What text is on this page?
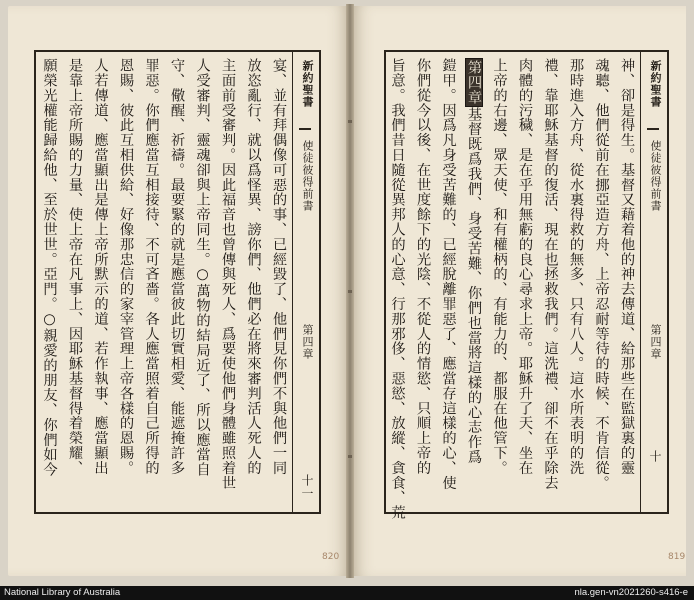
新約聖書
使徒彼得前書
第四章
十一
宴、並有拜偶像可惡的事、已經毀了、他們見你們不與他們一同
放恣亂行、就以爲怪異、謗你們、他們必在將來審判活人死人的
主面前受審判。因此福音也曾傳與死人、爲要使他們身體雖照着世
人受審判、靈魂卻與上帝同生。○萬物的結局近了、所以應當自
守、儆醒、祈禱。最要緊的就是應當彼此切實相愛、能遮掩許多
罪惡。你們應當互相接待、不可吝嗇。各人應當照着自己所得的
恩賜、彼此互相供給、好像那忠信的家宰管理上帝各樣的恩賜。
人若傳道、應當顯出是傳上帝所默示的道、若作執事、應當顯出
是靠上帝所賜的力量、使上帝在凡事上、因耶穌基督得着榮耀、
願榮光權能歸給他、至於世世。亞門。○親愛的朋友、你們如今	新約聖書
使徒彼得前書
第四章
十
神、卻是得生。基督又藉着他的神去傳道、給那些在監獄裏的靈
魂聽、他們從前在挪亞造方舟、上帝忍耐等待的時候、不肯信從。
那時進入方舟、從水裏得救的無多、只有八人。這水所表明的洗
禮、靠耶穌基督的復活、現在也拯救我們。這洗禮、卻不在乎除去
肉體的污穢、是在乎用無虧的良心尋求上帝。耶穌升了天、坐在
上帝的右邊、眾天使、和有權柄的、有能力的、都服在他管下。
第四章基督既爲我們、身受苦難、你們也當將這樣的心志作爲
鎧甲。因爲凡身受苦難的、已經脫離罪惡了、應當存這樣的心、使
你們從今以後、在世度餘下的光陰、不從人的情慾、只順上帝的
旨意。我們昔日隨從異邦人的心意、行那邪侈、惡慾、放縱、貪食、荒
820	819
National Library of Australia	nla.gen-vn2021260-s416-e
